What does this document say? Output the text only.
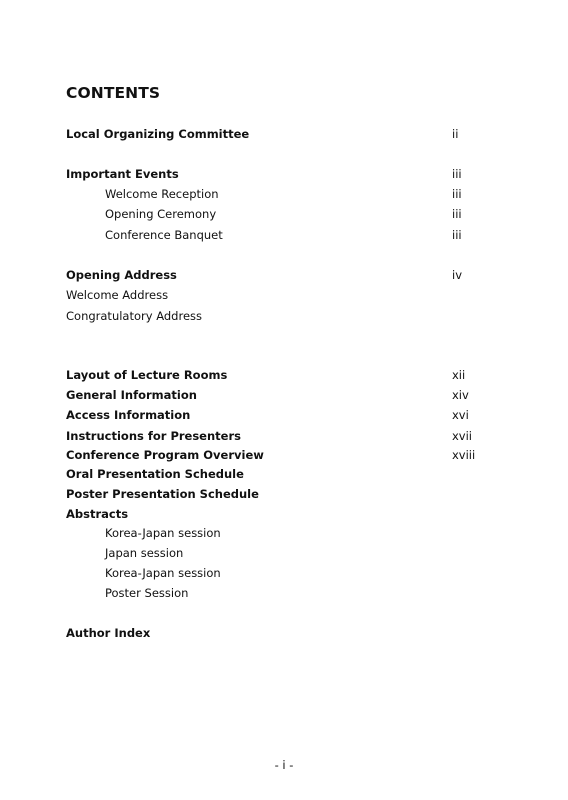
CONTENTS
Local Organizing Committee	ii
Important Events	iii
Welcome Reception	iii
Opening Ceremony	iii
Conference Banquet	iii
Opening Address	iv
Welcome Address
Congratulatory Address
Layout of Lecture Rooms	xii
General Information	xiv
Access Information	xvi
Instructions for Presenters	xvii
Conference Program Overview	xviii
Oral Presentation Schedule
Poster Presentation Schedule
Abstracts
Korea-Japan session
Japan session
Korea-Japan session
Poster Session
Author Index
- i -
